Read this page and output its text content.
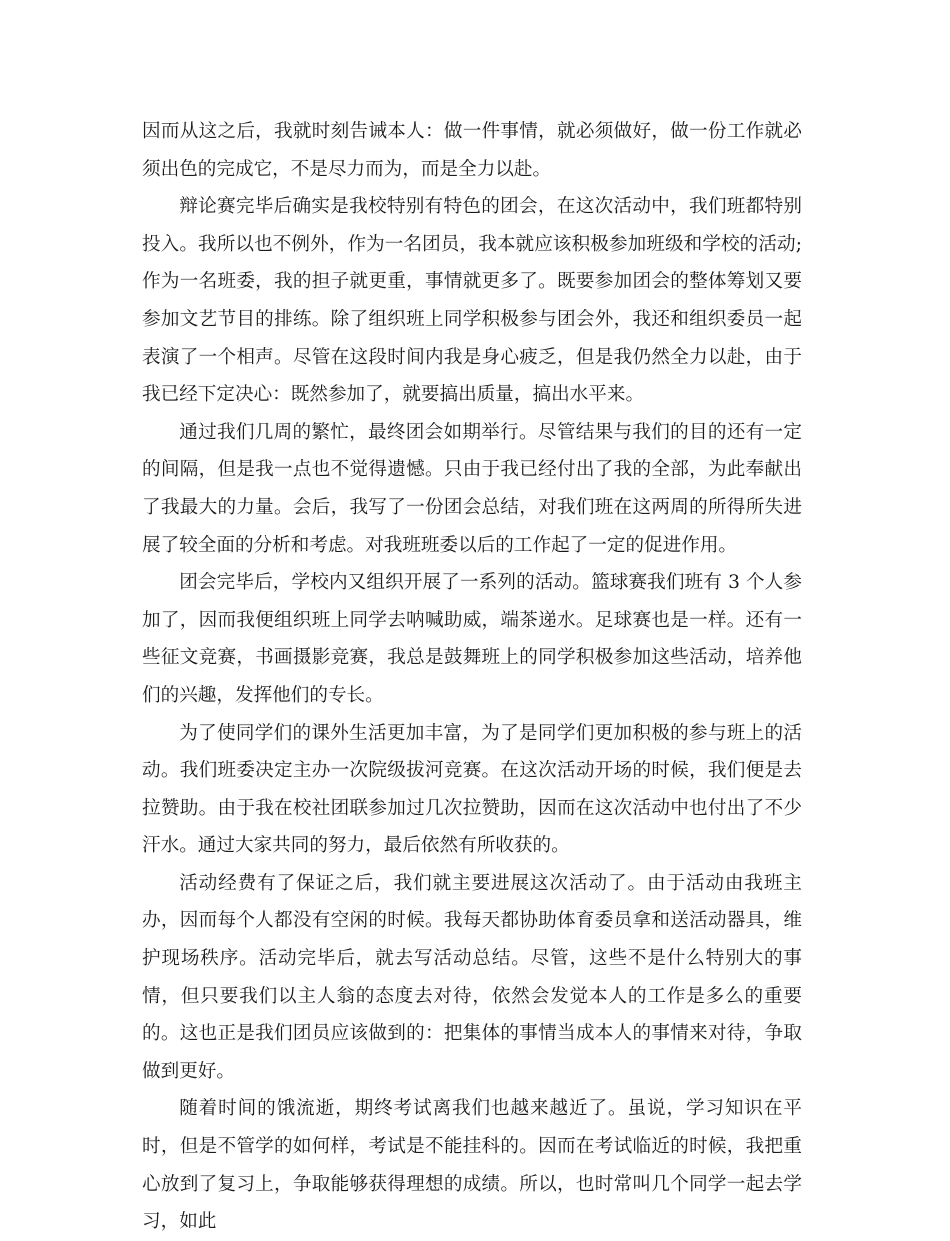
因而从这之后，我就时刻告诫本人：做一件事情，就必须做好，做一份工作就必须出色的完成它，不是尽力而为，而是全力以赴。

辩论赛完毕后确实是我校特别有特色的团会，在这次活动中，我们班都特别投入。我所以也不例外，作为一名团员，我本就应该积极参加班级和学校的活动;作为一名班委，我的担子就更重，事情就更多了。既要参加团会的整体筹划又要参加文艺节目的排练。除了组织班上同学积极参与团会外，我还和组织委员一起表演了一个相声。尽管在这段时间内我是身心疲乏，但是我仍然全力以赴，由于我已经下定决心：既然参加了，就要搞出质量，搞出水平来。

通过我们几周的繁忙，最终团会如期举行。尽管结果与我们的目的还有一定的间隔，但是我一点也不觉得遗憾。只由于我已经付出了我的全部，为此奉献出了我最大的力量。会后，我写了一份团会总结，对我们班在这两周的所得所失进展了较全面的分析和考虑。对我班班委以后的工作起了一定的促进作用。

团会完毕后，学校内又组织开展了一系列的活动。篮球赛我们班有 3 个人参加了，因而我便组织班上同学去呐喊助威，端茶递水。足球赛也是一样。还有一些征文竞赛，书画摄影竞赛，我总是鼓舞班上的同学积极参加这些活动，培养他们的兴趣，发挥他们的专长。

为了使同学们的课外生活更加丰富，为了是同学们更加积极的参与班上的活动。我们班委决定主办一次院级拔河竞赛。在这次活动开场的时候，我们便是去拉赞助。由于我在校社团联参加过几次拉赞助，因而在这次活动中也付出了不少汗水。通过大家共同的努力，最后依然有所收获的。

活动经费有了保证之后，我们就主要进展这次活动了。由于活动由我班主办，因而每个人都没有空闲的时候。我每天都协助体育委员拿和送活动器具，维护现场秩序。活动完毕后，就去写活动总结。尽管，这些不是什么特别大的事情，但只要我们以主人翁的态度去对待，依然会发觉本人的工作是多么的重要的。这也正是我们团员应该做到的：把集体的事情当成本人的事情来对待，争取做到更好。

随着时间的饿流逝，期终考试离我们也越来越近了。虽说，学习知识在平时，但是不管学的如何样，考试是不能挂科的。因而在考试临近的时候，我把重心放到了复习上，争取能够获得理想的成绩。所以，也时常叫几个同学一起去学习，如此
